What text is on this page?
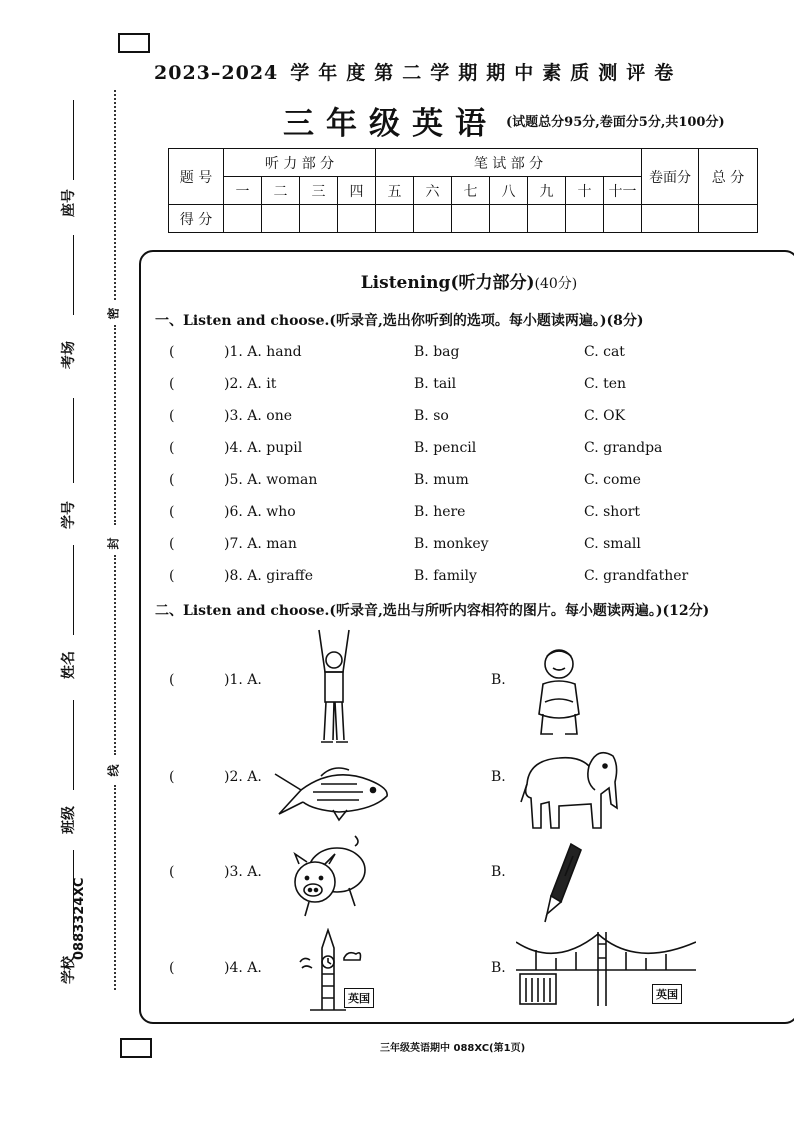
座号
考场
学号
姓名
班级
学校
0883324XC
密
封
线
2023–2024 学年度第二学期期中素质测评卷
三年级英语 (试题总分95分,卷面分5分,共100分)
题 号	听 力 部 分				笔 试 部 分							卷面分	总 分
	一	二	三	四	五	六	七	八	九	十	十一		
得 分													
Listening(听力部分)(40分)
一、Listen and choose.(听录音,选出你听到的选项。每小题读两遍。)(8分)
(	)1. A. hand	B. bag	C. cat
(	)2. A. it	B. tail	C. ten
(	)3. A. one	B. so	C. OK
(	)4. A. pupil	B. pencil	C. grandpa
(	)5. A. woman	B. mum	C. come
(	)6. A. who	B. here	C. short
(	)7. A. man	B. monkey	C. small
(	)8. A. giraffe	B. family	C. grandfather
二、Listen and choose.(听录音,选出与所听内容相符的图片。每小题读两遍。)(12分)
(	)1. A.	B.
(	)2. A.	B.
(	)3. A.	B.
(	)4. A.	B.
英国	英国
三年级英语期中 088XC(第1页)
